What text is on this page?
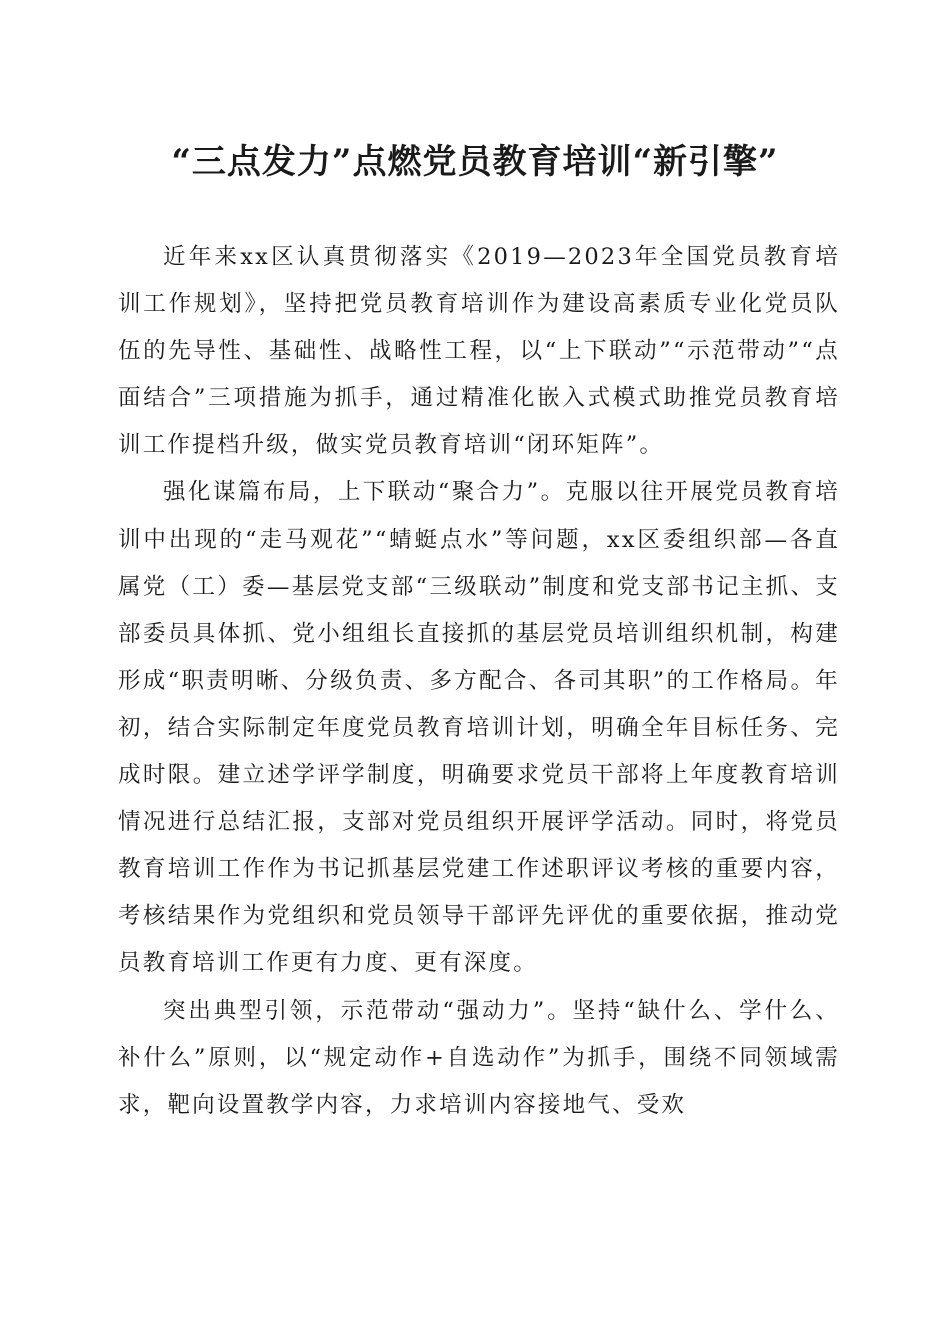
“三点发力”点燃党员教育培训“新引擎”

近年来xx区认真贯彻落实《2019—2023年全国党员教育培训工作规划》，坚持把党员教育培训作为建设高素质专业化党员队伍的先导性、基础性、战略性工程，以“上下联动”“示范带动”“点面结合”三项措施为抓手，通过精准化嵌入式模式助推党员教育培训工作提档升级，做实党员教育培训“闭环矩阵”。

强化谋篇布局，上下联动“聚合力”。克服以往开展党员教育培训中出现的“走马观花”“蜻蜓点水”等问题，xx区委组织部—各直属党（工）委—基层党支部“三级联动”制度和党支部书记主抓、支部委员具体抓、党小组组长直接抓的基层党员培训组织机制，构建形成“职责明晰、分级负责、多方配合、各司其职”的工作格局。年初，结合实际制定年度党员教育培训计划，明确全年目标任务、完成时限。建立述学评学制度，明确要求党员干部将上年度教育培训情况进行总结汇报，支部对党员组织开展评学活动。同时，将党员教育培训工作作为书记抓基层党建工作述职评议考核的重要内容，考核结果作为党组织和党员领导干部评先评优的重要依据，推动党员教育培训工作更有力度、更有深度。

突出典型引领，示范带动“强动力”。坚持“缺什么、学什么、补什么”原则，以“规定动作+自选动作”为抓手，围绕不同领域需求，靶向设置教学内容，力求培训内容接地气、受欢
